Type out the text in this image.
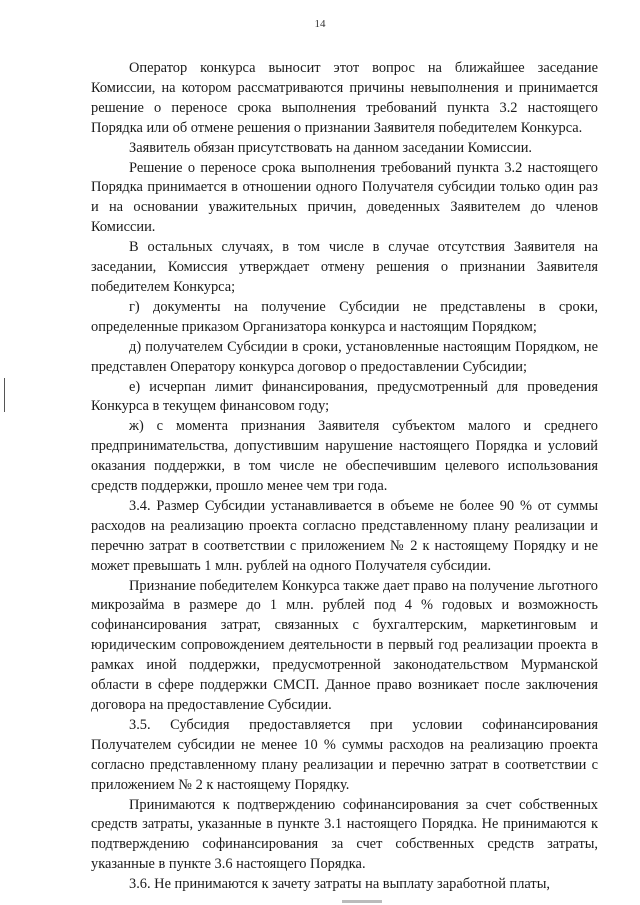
14

Оператор конкурса выносит этот вопрос на ближайшее заседание Комиссии, на котором рассматриваются причины невыполнения и принимается решение о переносе срока выполнения требований пункта 3.2 настоящего Порядка или об отмене решения о признании Заявителя победителем Конкурса.

Заявитель обязан присутствовать на данном заседании Комиссии.

Решение о переносе срока выполнения требований пункта 3.2 настоящего Порядка принимается в отношении одного Получателя субсидии только один раз и на основании уважительных причин, доведенных Заявителем до членов Комиссии.

В остальных случаях, в том числе в случае отсутствия Заявителя на заседании, Комиссия утверждает отмену решения о признании Заявителя победителем Конкурса;

г) документы на получение Субсидии не представлены в сроки, определенные приказом Организатора конкурса и настоящим Порядком;

д) получателем Субсидии в сроки, установленные настоящим Порядком, не представлен Оператору конкурса договор о предоставлении Субсидии;

е) исчерпан лимит финансирования, предусмотренный для проведения Конкурса в текущем финансовом году;

ж) с момента признания Заявителя субъектом малого и среднего предпринимательства, допустившим нарушение настоящего Порядка и условий оказания поддержки, в том числе не обеспечившим целевого использования средств поддержки, прошло менее чем три года.

3.4. Размер Субсидии устанавливается в объеме не более 90 % от суммы расходов на реализацию проекта согласно представленному плану реализации и перечню затрат в соответствии с приложением № 2 к настоящему Порядку и не может превышать 1 млн. рублей на одного Получателя субсидии.

Признание победителем Конкурса также дает право на получение льготного микрозайма в размере до 1 млн. рублей под 4 % годовых и возможность софинансирования затрат, связанных с бухгалтерским, маркетинговым и юридическим сопровождением деятельности в первый год реализации проекта в рамках иной поддержки, предусмотренной законодательством Мурманской области в сфере поддержки СМСП. Данное право возникает после заключения договора на предоставление Субсидии.

3.5. Субсидия предоставляется при условии софинансирования Получателем субсидии не менее 10 % суммы расходов на реализацию проекта согласно представленному плану реализации и перечню затрат в соответствии с приложением № 2 к настоящему Порядку.

Принимаются к подтверждению софинансирования за счет собственных средств затраты, указанные в пункте 3.1 настоящего Порядка. Не принимаются к подтверждению софинансирования за счет собственных средств затраты, указанные в пункте 3.6 настоящего Порядка.

3.6. Не принимаются к зачету затраты на выплату заработной платы,
